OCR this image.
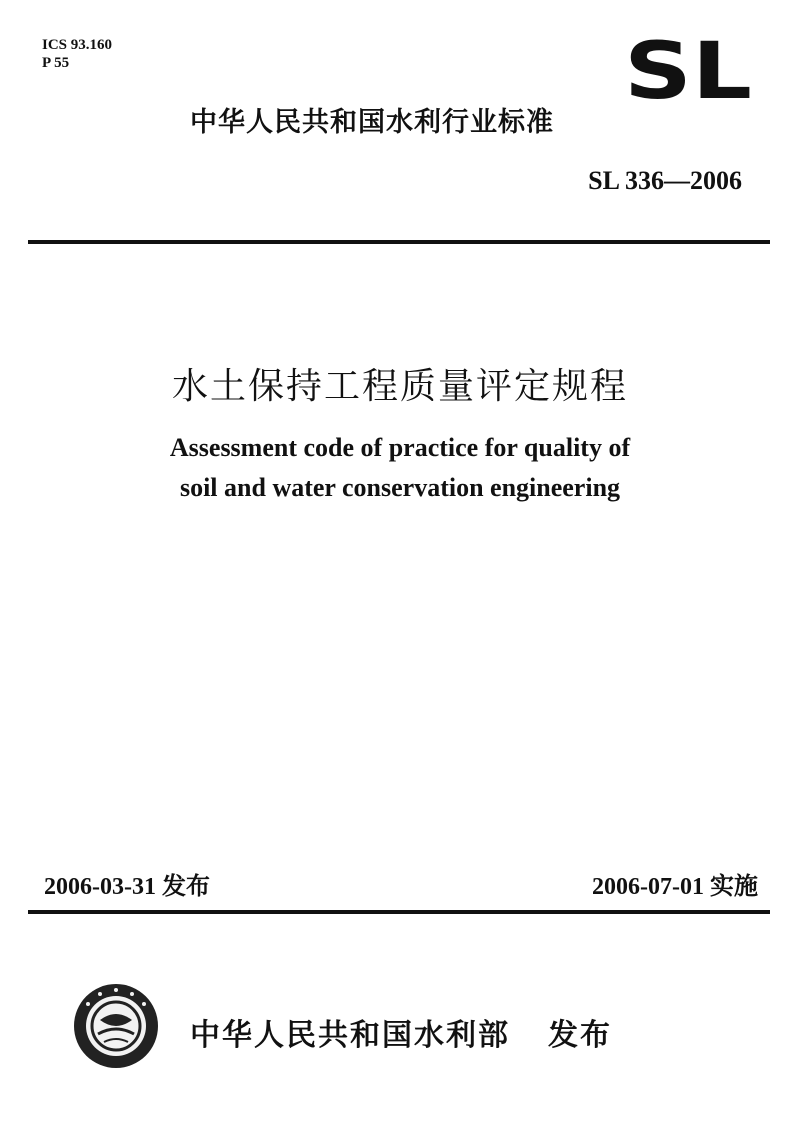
ICS 93.160
P 55	SL
中华人民共和国水利行业标准
SL 336—2006
水土保持工程质量评定规程
Assessment code of practice for quality of
soil and water conservation engineering
2006-03-31 发布	2006-07-01 实施
中华人民共和国水利部 发布
